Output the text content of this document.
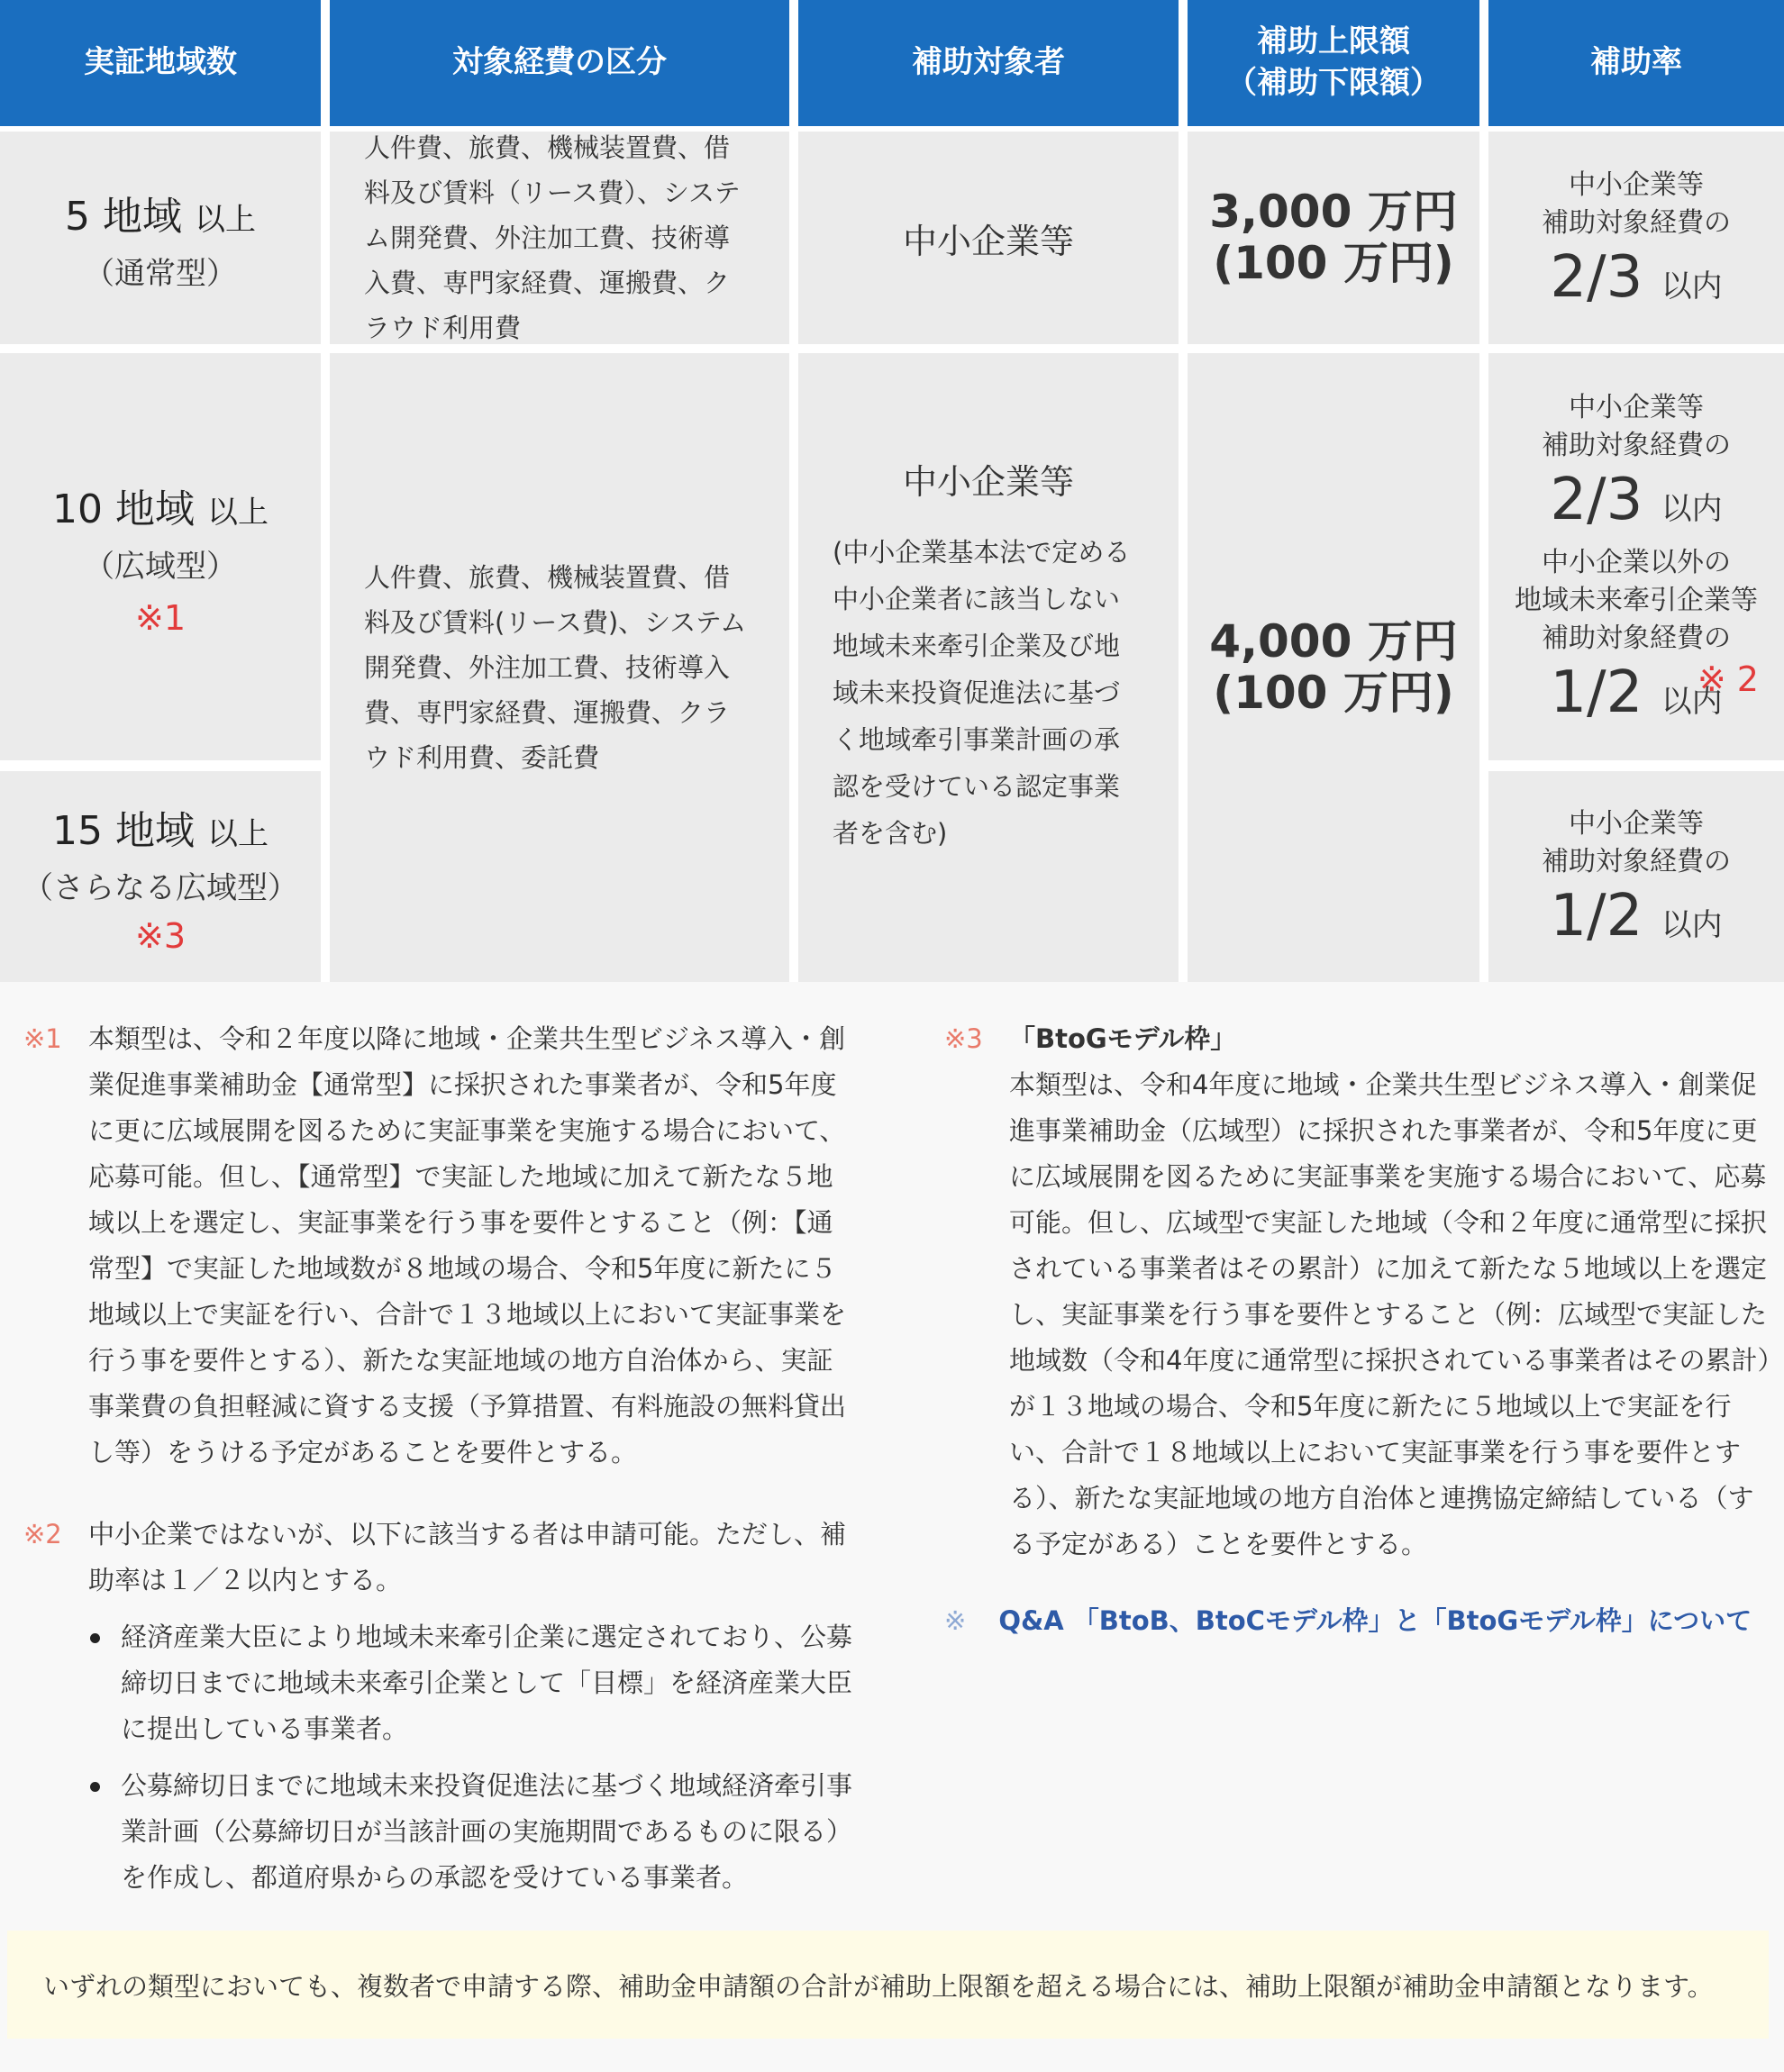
実証地域数	対象経費の区分	補助対象者
補助上限額
（補助下限額）
補助率
5 地域 以上
（通常型）
人件費、旅費、機械装置費、借料及び賃料（リース費）、システム開発費、外注加工費、技術導入費、専門家経費、運搬費、クラウド利用費
中小企業等
3,000 万円
(100 万円)
中小企業等
補助対象経費の
2/3 以内
10 地域 以上
（広域型）
※1
15 地域 以上
（さらなる広域型）
※3
人件費、旅費、機械装置費、借料及び賃料(リース費)、システム開発費、外注加工費、技術導入費、専門家経費、運搬費、クラウド利用費、委託費
中小企業等
(中小企業基本法で定める中小企業者に該当しない地域未来牽引企業及び地域未来投資促進法に基づく地域牽引事業計画の承認を受けている認定事業者を含む)
4,000 万円
(100 万円)
中小企業等
補助対象経費の
2/3 以内
中小企業以外の
地域未来牽引企業等
補助対象経費の
1/2 以内
※ 2
中小企業等
補助対象経費の
1/2 以内
※1 本類型は、令和２年度以降に地域・企業共生型ビジネス導入・創業促進事業補助金【通常型】に採択された事業者が、令和5年度に更に広域展開を図るために実証事業を実施する場合において、応募可能。但し、【通常型】で実証した地域に加えて新たな５地域以上を選定し、実証事業を行う事を要件とすること（例：【通常型】で実証した地域数が８地域の場合、令和5年度に新たに５地域以上で実証を行い、合計で１３地域以上において実証事業を行う事を要件とする）、新たな実証地域の地方自治体から、実証事業費の負担軽減に資する支援（予算措置、有料施設の無料貸出し等）をうける予定があることを要件とする。
※2 中小企業ではないが、以下に該当する者は申請可能。ただし、補助率は１／２以内とする。
経済産業大臣により地域未来牽引企業に選定されており、公募締切日までに地域未来牽引企業として「目標」を経済産業大臣に提出している事業者。
公募締切日までに地域未来投資促進法に基づく地域経済牽引事業計画（公募締切日が当該計画の実施期間であるものに限る）を作成し、都道府県からの承認を受けている事業者。
※3 「BtoGモデル枠」
本類型は、令和4年度に地域・企業共生型ビジネス導入・創業促進事業補助金（広域型）に採択された事業者が、令和5年度に更に広域展開を図るために実証事業を実施する場合において、応募可能。但し、広域型で実証した地域（令和２年度に通常型に採択されている事業者はその累計）に加えて新たな５地域以上を選定し、実証事業を行う事を要件とすること（例：広域型で実証した地域数（令和4年度に通常型に採択されている事業者はその累計）が１３地域の場合、令和5年度に新たに５地域以上で実証を行い、合計で１８地域以上において実証事業を行う事を要件とする）、新たな実証地域の地方自治体と連携協定締結している（する予定がある）ことを要件とする。
※ Q&A 「BtoB、BtoCモデル枠」と「BtoGモデル枠」について
いずれの類型においても、複数者で申請する際、補助金申請額の合計が補助上限額を超える場合には、補助上限額が補助金申請額となります。
